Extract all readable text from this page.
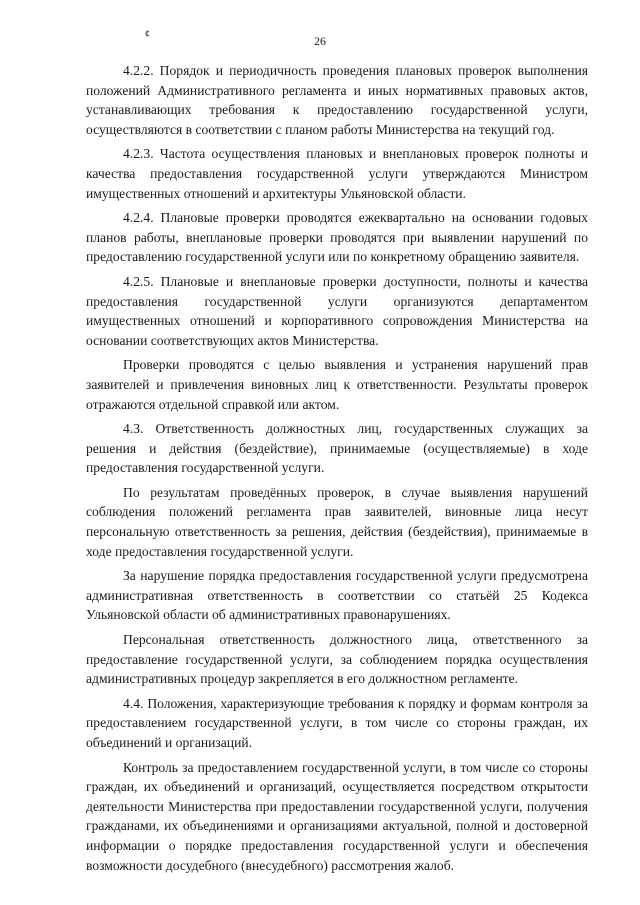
¢	26

4.2.2. Порядок и периодичность проведения плановых проверок выполнения положений Административного регламента и иных нормативных правовых актов, устанавливающих требования к предоставлению государственной услуги, осуществляются в соответствии с планом работы Министерства на текущий год.

4.2.3. Частота осуществления плановых и внеплановых проверок полноты и качества предоставления государственной услуги утверждаются Министром имущественных отношений и архитектуры Ульяновской области.

4.2.4. Плановые проверки проводятся ежеквартально на основании годовых планов работы, внеплановые проверки проводятся при выявлении нарушений по предоставлению государственной услуги или по конкретному обращению заявителя.

4.2.5. Плановые и внеплановые проверки доступности, полноты и качества предоставления государственной услуги организуются департаментом имущественных отношений и корпоративного сопровождения Министерства на основании соответствующих актов Министерства.

Проверки проводятся с целью выявления и устранения нарушений прав заявителей и привлечения виновных лиц к ответственности. Результаты проверок отражаются отдельной справкой или актом.

4.3. Ответственность должностных лиц, государственных служащих за решения и действия (бездействие), принимаемые (осуществляемые) в ходе предоставления государственной услуги.

По результатам проведённых проверок, в случае выявления нарушений соблюдения положений регламента прав заявителей, виновные лица несут персональную ответственность за решения, действия (бездействия), принимаемые в ходе предоставления государственной услуги.

За нарушение порядка предоставления государственной услуги предусмотрена административная ответственность в соответствии со статьёй 25 Кодекса Ульяновской области об административных правонарушениях.

Персональная ответственность должностного лица, ответственного за предоставление государственной услуги, за соблюдением порядка осуществления административных процедур закрепляется в его должностном регламенте.

4.4. Положения, характеризующие требования к порядку и формам контроля за предоставлением государственной услуги, в том числе со стороны граждан, их объединений и организаций.

Контроль за предоставлением государственной услуги, в том числе со стороны граждан, их объединений и организаций, осуществляется посредством открытости деятельности Министерства при предоставлении государственной услуги, получения гражданами, их объединениями и организациями актуальной, полной и достоверной информации о порядке предоставления государственной услуги и обеспечения возможности досудебного (внесудебного) рассмотрения жалоб.
